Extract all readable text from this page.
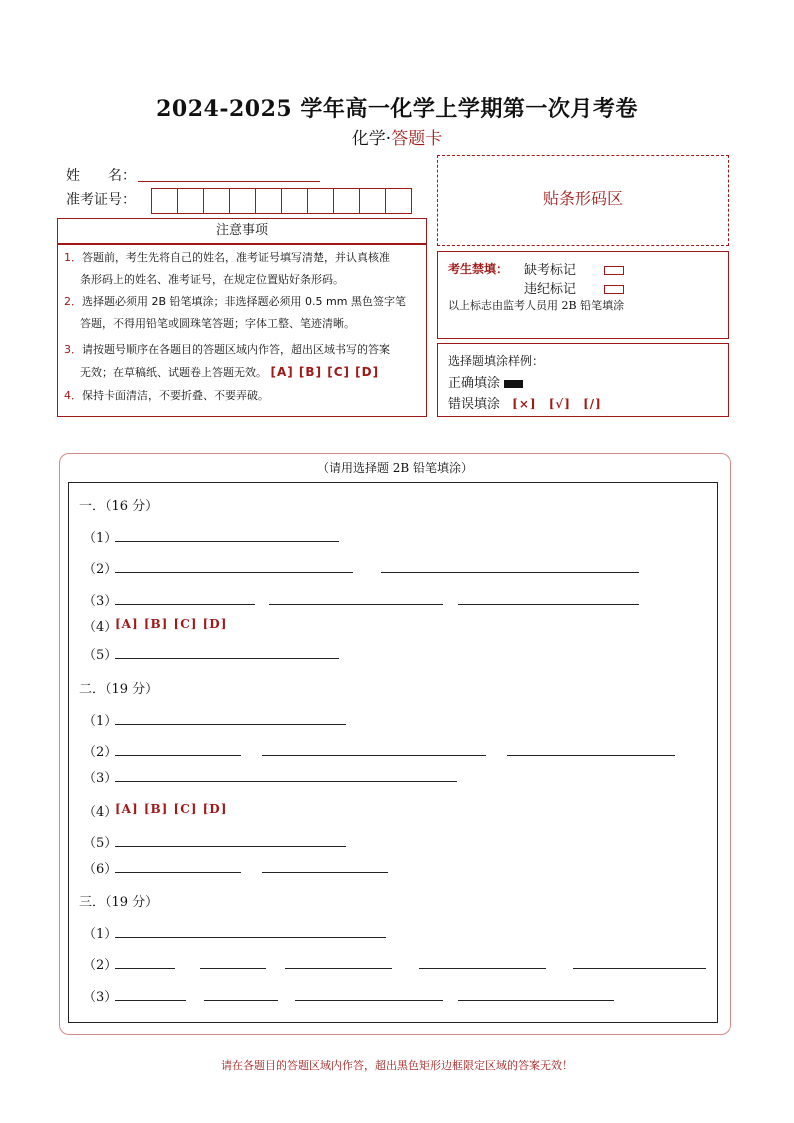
2024-2025 学年高一化学上学期第一次月考卷
化学·答题卡
姓　　名：
准考证号：	贴条形码区
注意事项
1．答题前，考生先将自己的姓名，准考证号填写清楚，并认真核准
条形码上的姓名、准考证号，在规定位置贴好条形码。
2．选择题必须用 2B 铅笔填涂；非选择题必须用 0.5 mm 黑色签字笔
答题，不得用铅笔或圆珠笔答题；字体工整、笔迹清晰。
3．请按题号顺序在各题目的答题区域内作答，超出区域书写的答案
无效；在草稿纸、试题卷上答题无效。 [A] [B] [C] [D]
4．保持卡面清洁，不要折叠、不要弄破。
考生禁填： 缺考标记
违纪标记
以上标志由监考人员用 2B 铅笔填涂
选择题填涂样例：
正确填涂
错误填涂 [×] [√] [/]
（请用选择题 2B 铅笔填涂）
一．（16 分）
（1）
（2）
（3）
（4）
[A] [B] [C] [D]
（5）
二．（19 分）
（1）
（2）
（3）
（4）
[A] [B] [C] [D]
（5）
（6）
三．（19 分）
（1）
（2）
（3）
请在各题目的答题区域内作答，超出黑色矩形边框限定区域的答案无效！
